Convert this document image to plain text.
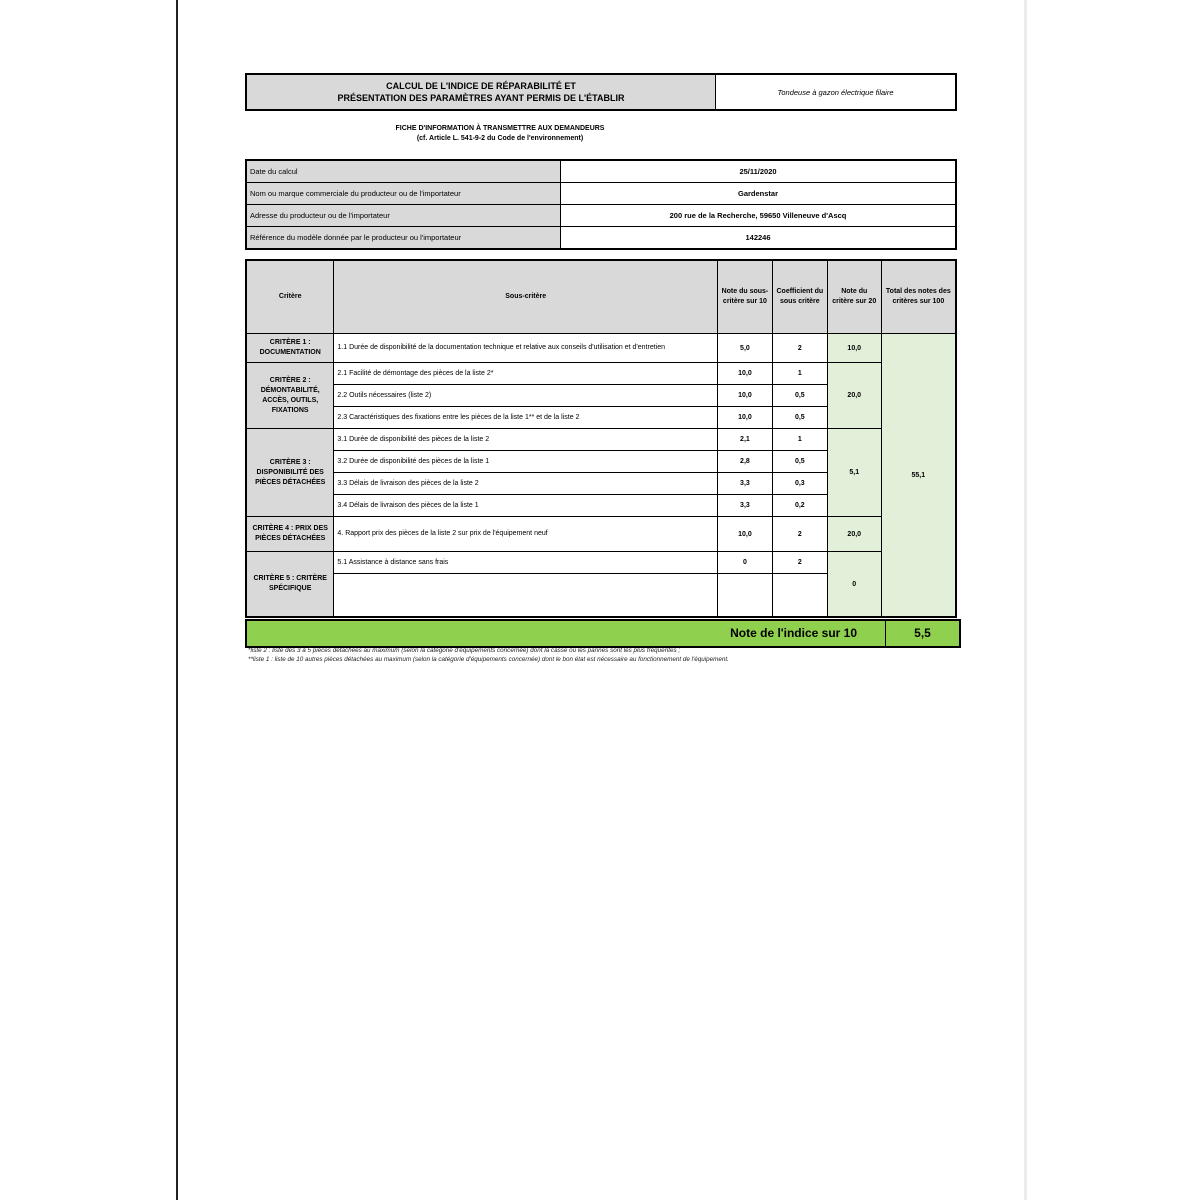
CALCUL DE L'INDICE DE RÉPARABILITÉ ET
PRÉSENTATION DES PARAMÈTRES AYANT PERMIS DE L'ÉTABLIR
	Tondeuse à gazon électrique filaire
FICHE D'INFORMATION À TRANSMETTRE AUX DEMANDEURS
(cf. Article L. 541-9-2 du Code de l'environnement)
Date du calcul	25/11/2020
Nom ou marque commerciale du producteur ou de l'importateur	Gardenstar
Adresse du producteur ou de l'importateur	200 rue de la Recherche, 59650 Villeneuve d'Ascq
Référence du modèle donnée par le producteur ou l'importateur	142246
Critère	Sous-critère	Note du sous-critère sur 10	Coefficient du sous critère	Note du critère sur 20	Total des notes des critères sur 100
CRITÈRE 1 : DOCUMENTATION	1.1 Durée de disponibilité de la documentation technique et relative aux conseils d'utilisation et d'entretien	5,0	2	10,0	55,1
CRITÈRE 2 : DÉMONTABILITÉ, ACCÈS, OUTILS, FIXATIONS	2.1 Facilité de démontage des pièces de la liste 2*	10,0	1	20,0	
	2.2 Outils nécessaires (liste 2)	10,0	0,5		
	2.3 Caractéristiques des fixations entre les pièces de la liste 1** et de la liste 2	10,0	0,5		
CRITÈRE 3 : DISPONIBILITÉ DES PIÈCES DÉTACHÉES	3.1 Durée de disponibilité des pièces de la liste 2	2,1	1	5,1	
	3.2 Durée de disponibilité des pièces de la liste 1	2,8	0,5		
	3.3 Délais de livraison des pièces de la liste 2	3,3	0,3		
	3.4 Délais de livraison des pièces de la liste 1	3,3	0,2		
CRITÈRE 4 : PRIX DES PIÈCES DÉTACHÉES	4. Rapport prix des pièces de la liste 2 sur prix de l'équipement neuf	10,0	2	20,0	
CRITÈRE 5 : CRITÈRE SPÉCIFIQUE	5.1 Assistance à distance sans frais	0	2	0	

Note de l'indice sur 10	5,5
*liste 2 : liste des 3 à 5 pièces détachées au maximum (selon la catégorie d'équipements concernée) dont la casse ou les pannes sont les plus fréquentes ;
**liste 1 : liste de 10 autres pièces détachées au maximum (selon la catégorie d'équipements concernée) dont le bon état est nécessaire au fonctionnement de l'équipement.
